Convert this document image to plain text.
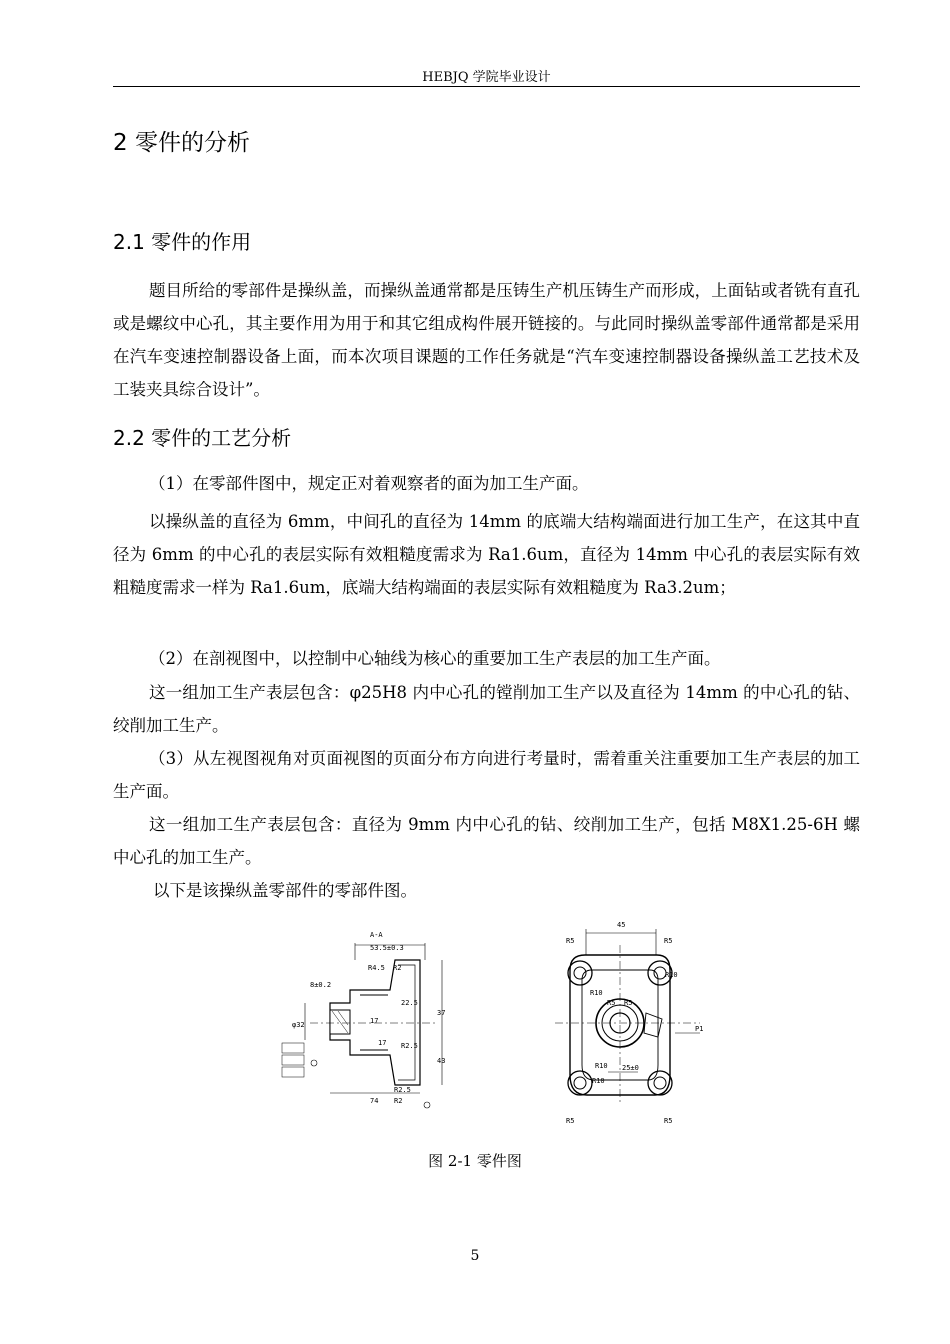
HEBJQ 学院毕业设计
2 零件的分析
2.1 零件的作用
题目所给的零部件是操纵盖，而操纵盖通常都是压铸生产机压铸生产而形成，上面钻或者铣有直孔或是螺纹中心孔，其主要作用为用于和其它组成构件展开链接的。与此同时操纵盖零部件通常都是采用在汽车变速控制器设备上面，而本次项目课题的工作任务就是“汽车变速控制器设备操纵盖工艺技术及工装夹具综合设计”。
2.2 零件的工艺分析
（1）在零部件图中，规定正对着观察者的面为加工生产面。
以操纵盖的直径为 6mm，中间孔的直径为 14mm 的底端大结构端面进行加工生产，在这其中直径为 6mm 的中心孔的表层实际有效粗糙度需求为 Ra1.6um，直径为 14mm 中心孔的表层实际有效粗糙度需求一样为 Ra1.6um，底端大结构端面的表层实际有效粗糙度为 Ra3.2um；
（2）在剖视图中，以控制中心轴线为核心的重要加工生产表层的加工生产面。
这一组加工生产表层包含：φ25H8 内中心孔的镗削加工生产以及直径为 14mm 的中心孔的钻、绞削加工生产。
（3）从左视图视角对页面视图的页面分布方向进行考量时，需着重关注重要加工生产表层的加工生产面。
这一组加工生产表层包含：直径为 9mm 内中心孔的钻、绞削加工生产，包括 M8X1.25-6H 螺中心孔的加工生产。
以下是该操纵盖零部件的零部件图。
A-A
53.5±0.3
R4.5 R2
8±0.2
22.5
37
43
R2.5
R2.5
R2
74
φ32	17
17
45
R5	R5
R10
R10
R5 R5
R10
R10 25±0
R5	R5
P1
图 2-1 零件图
5
